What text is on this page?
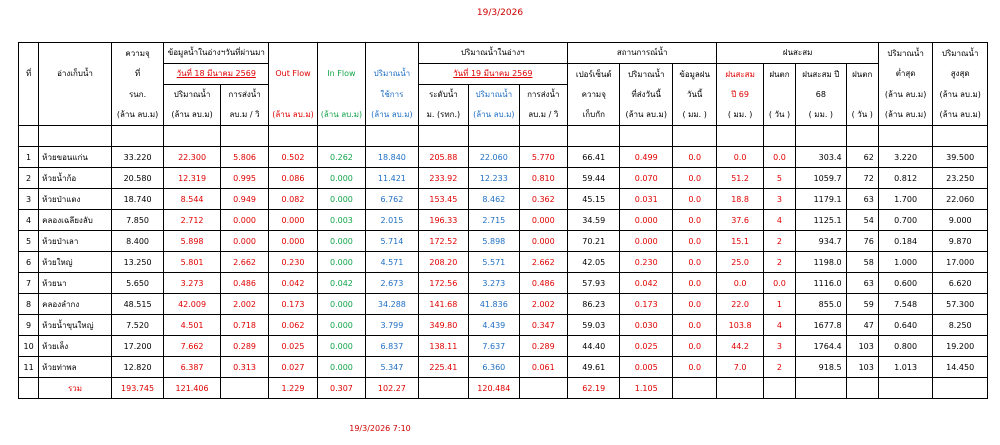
19/3/2026
		ความจุ	ข้อมูลน้ำในอ่างฯวันที่ผ่านมา					ปริมาณน้ำในอ่างฯ			สถานการณ์น้ำ			ฝนสะสม				ปริมาณน้ำ	ปริมาณน้ำ
ที่	อ่างเก็บน้ำ	ที่	วันที่ 18 มีนาคม 2569		Out Flow	In Flow	ปริมาณน้ำ	วันที่ 19 มีนาคม 2569			เปอร์เซ็นต์	ปริมาณน้ำ	ข้อมูลฝน	ฝนสะสม	ฝนตก	ฝนสะสม ปี	ฝนตก	ต่ำสุด	สูงสุด
		รนก.	ปริมาณน้ำ	การส่งน้ำ			ใช้การ	ระดับน้ำ	ปริมาณน้ำ	การส่งน้ำ	ความจุ	ที่ส่งวันนี้	วันนี้	ปี 69		68		(ล้าน ลบ.ม)	(ล้าน ลบ.ม)
		(ล้าน ลบ.ม)	(ล้าน ลบ.ม)	ลบ.ม / วิ	(ล้าน ลบ.ม)	(ล้าน ลบ.ม)	(ล้าน ลบ.ม)	ม. (รทก.)	(ล้าน ลบ.ม)	ลบ.ม / วิ	เก็บกัก	(ล้าน ลบ.ม)	( มม. )	( มม. )	( วัน )	( มม. )	( วัน )	(ล้าน ลบ.ม)	(ล้าน ลบ.ม)

1	ห้วยขอนแก่น	33.220	22.300	5.806	0.502	0.262	18.840	205.88	22.060	5.770	66.41	0.499	0.0	0.0	0.0	303.4	62	3.220	39.500
2	ห้วยน้ำก้อ	20.580	12.319	0.995	0.086	0.000	11.421	233.92	12.233	0.810	59.44	0.070	0.0	51.2	5	1059.7	72	0.812	23.250
3	ห้วยป่าแดง	18.740	8.544	0.949	0.082	0.000	6.762	153.45	8.462	0.362	45.15	0.031	0.0	18.8	3	1179.1	63	1.700	22.060
4	คลองเฉลียงลับ	7.850	2.712	0.000	0.000	0.003	2.015	196.33	2.715	0.000	34.59	0.000	0.0	37.6	4	1125.1	54	0.700	9.000
5	ห้วยป่าเลา	8.400	5.898	0.000	0.000	0.000	5.714	172.52	5.898	0.000	70.21	0.000	0.0	15.1	2	934.7	76	0.184	9.870
6	ห้วยใหญ่	13.250	5.801	2.662	0.230	0.000	4.571	208.20	5.571	2.662	42.05	0.230	0.0	25.0	2	1198.0	58	1.000	17.000
7	ห้วยนา	5.650	3.273	0.486	0.042	0.042	2.673	172.56	3.273	0.486	57.93	0.042	0.0	0.0	0.0	1116.0	63	0.600	6.620
8	คลองลำกง	48.515	42.009	2.002	0.173	0.000	34.288	141.68	41.836	2.002	86.23	0.173	0.0	22.0	1	855.0	59	7.548	57.300
9	ห้วยน้ำขุนใหญ่	7.520	4.501	0.718	0.062	0.000	3.799	349.80	4.439	0.347	59.03	0.030	0.0	103.8	4	1677.8	47	0.640	8.250
10	ห้วยเล็ง	17.200	7.662	0.289	0.025	0.000	6.837	138.11	7.637	0.289	44.40	0.025	0.0	44.2	3	1764.4	103	0.800	19.200
11	ห้วยท่าพล	12.820	6.387	0.313	0.027	0.000	5.347	225.41	6.360	0.061	49.61	0.005	0.0	7.0	2	918.5	103	1.013	14.450
	รวม	193.745	121.406		1.229	0.307	102.27		120.484		62.19	1.105							
19/3/2026 7:10
